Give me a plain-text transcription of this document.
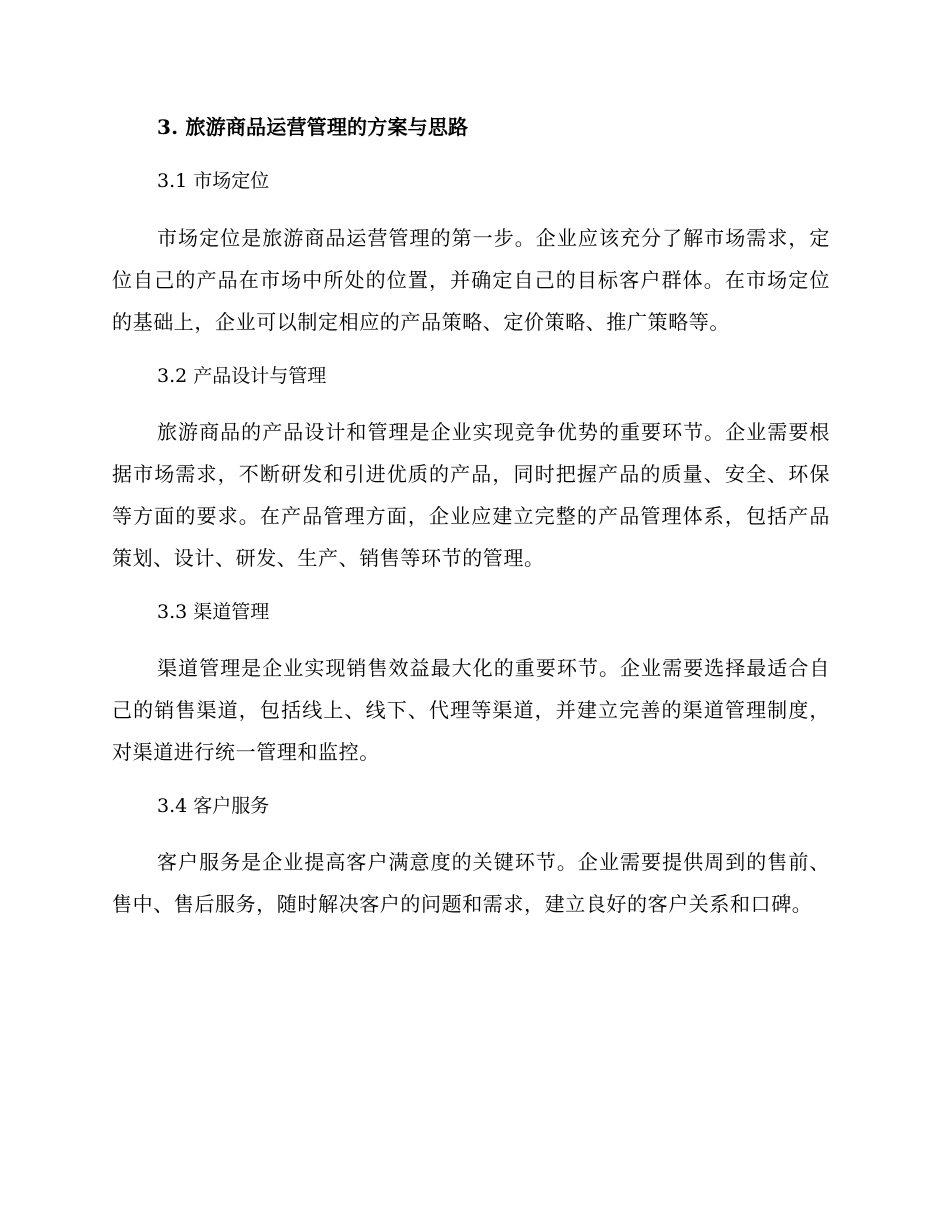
3. 旅游商品运营管理的方案与思路
3.1 市场定位

市场定位是旅游商品运营管理的第一步。企业应该充分了解市场需求，定位自己的产品在市场中所处的位置，并确定自己的目标客户群体。在市场定位的基础上，企业可以制定相应的产品策略、定价策略、推广策略等。

3.2 产品设计与管理

旅游商品的产品设计和管理是企业实现竞争优势的重要环节。企业需要根据市场需求，不断研发和引进优质的产品，同时把握产品的质量、安全、环保等方面的要求。在产品管理方面，企业应建立完整的产品管理体系，包括产品策划、设计、研发、生产、销售等环节的管理。

3.3 渠道管理

渠道管理是企业实现销售效益最大化的重要环节。企业需要选择最适合自己的销售渠道，包括线上、线下、代理等渠道，并建立完善的渠道管理制度，对渠道进行统一管理和监控。

3.4 客户服务

客户服务是企业提高客户满意度的关键环节。企业需要提供周到的售前、售中、售后服务，随时解决客户的问题和需求，建立良好的客户关系和口碑。
